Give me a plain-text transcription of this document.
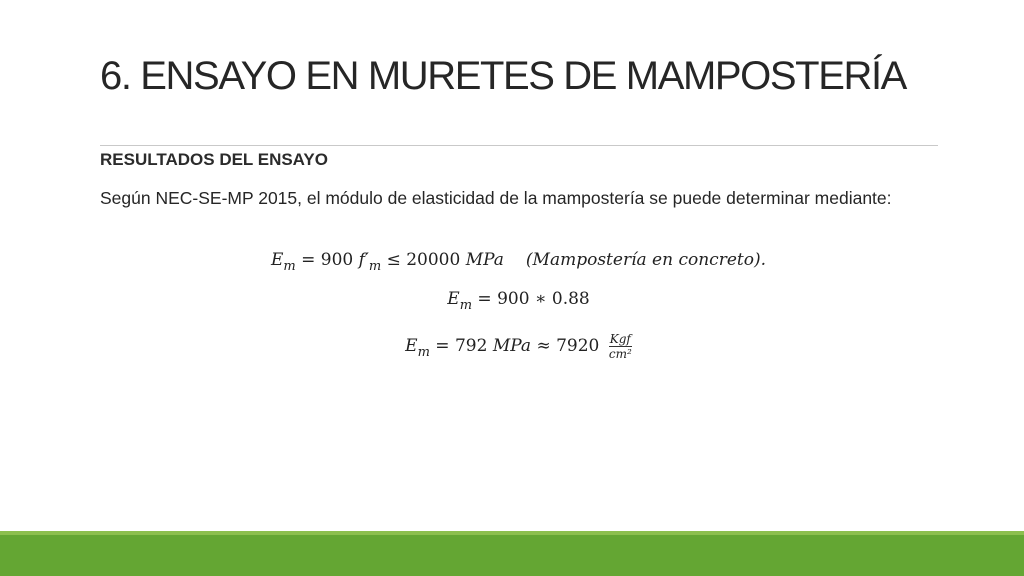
6. ENSAYO EN MURETES DE MAMPOSTERÍA
RESULTADOS DEL ENSAYO
Según NEC-SE-MP 2015, el módulo de elasticidad de la mampostería se puede determinar mediante:
$E_m = 900$ $f'_m \le 20000$ MPa (Mampostería en concreto).
$E_m = 900$ ∗ 0.88
$E_m = 792$ MPa ≈ $7920 \frac{\text{Kgf}}{\text{cm²}}$
